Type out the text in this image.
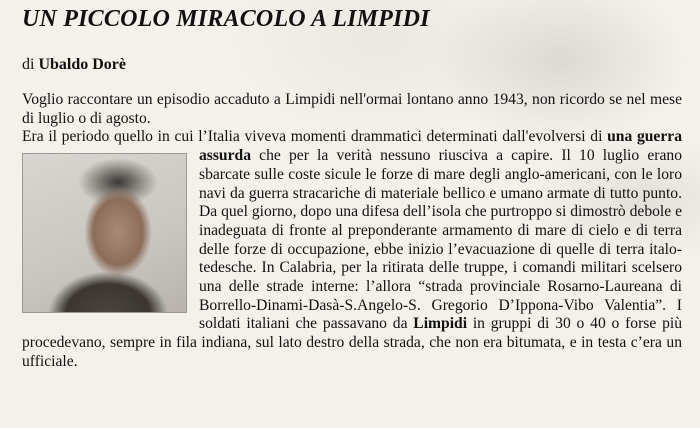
UN PICCOLO MIRACOLO A LIMPIDI
di Ubaldo Dorè

Voglio raccontare un episodio accaduto a Limpidi nell'ormai lontano anno 1943, non ricordo se nel mese di luglio o di agosto.

Era il periodo quello in cui l’Italia viveva momenti drammatici determinati dall'evolversi di una guerra assurda che per la verità nessuno riusciva a capire. Il 10 luglio erano sbarcate sulle coste sicule le forze di mare degli anglo-americani, con le loro navi da guerra stracariche di materiale bellico e umano armate di tutto punto. Da quel giorno, dopo una difesa dell’isola che purtroppo si dimostrò debole e inadeguata di fronte al preponderante armamento di mare di cielo e di terra delle forze di occupazione, ebbe inizio l’evacuazione di quelle di terra italo-tedesche. In Calabria, per la ritirata delle truppe, i comandi militari scelsero una delle strade interne: l’allora “strada provinciale Rosarno-Laureana di Borrello-Dinami-Dasà-S.Angelo-S. Gregorio D’Ippona-Vibo Valentia”. I soldati italiani che passavano da Limpidi in gruppi di 30 o 40 o forse più procedevano, sempre in fila indiana, sul lato destro della strada, che non era bitumata, e in testa c’era un ufficiale.
